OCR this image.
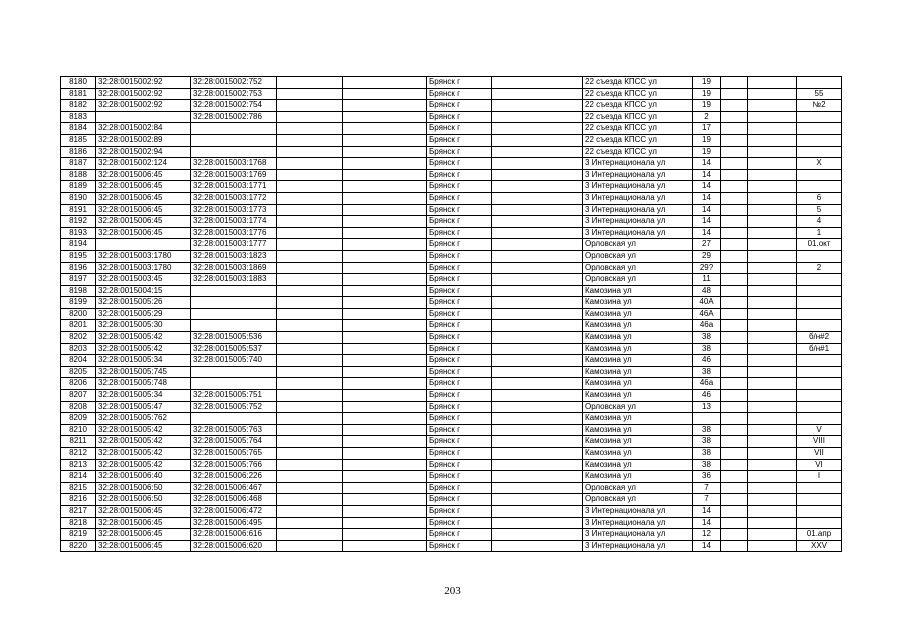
8180	32:28:0015002:92	32:28:0015002:752			Брянск г		22 съезда КПСС ул	19			
8181	32:28:0015002:92	32:28:0015002:753			Брянск г		22 съезда КПСС ул	19			55
8182	32:28:0015002:92	32:28:0015002:754			Брянск г		22 съезда КПСС ул	19			№2
8183		32:28:0015002:786			Брянск г		22 съезда КПСС ул	2			
8184	32:28:0015002:84				Брянск г		22 съезда КПСС ул	17			
8185	32:28:0015002:89				Брянск г		22 съезда КПСС ул	19			
8186	32:28:0015002:94				Брянск г		22 съезда КПСС ул	19			
8187	32:28:0015002:124	32:28:0015003:1768			Брянск г		3 Интернационала ул	14			X
8188	32:28:0015006:45	32:28:0015003:1769			Брянск г		3 Интернационала ул	14			
8189	32:28:0015006:45	32:28:0015003:1771			Брянск г		3 Интернационала ул	14			
8190	32:28:0015006:45	32:28:0015003:1772			Брянск г		3 Интернационала ул	14			6
8191	32:28:0015006:45	32:28:0015003:1773			Брянск г		3 Интернационала ул	14			5
8192	32:28:0015006:45	32:28:0015003:1774			Брянск г		3 Интернационала ул	14			4
8193	32:28:0015006:45	32:28:0015003:1776			Брянск г		3 Интернационала ул	14			1
8194		32:28:0015003:1777			Брянск г		Орловская ул	27			01.окт
8195	32:28:0015003:1780	32:28:0015003:1823			Брянск г		Орловская ул	29			
8196	32:28:0015003:1780	32:28:0015003:1869			Брянск г		Орловская ул	29?			2
8197	32:28:0015003:45	32:28:0015003:1883			Брянск г		Орловская ул	11			
8198	32:28:0015004:15				Брянск г		Камозина ул	48			
8199	32:28:0015005:26				Брянск г		Камозина ул	40А			
8200	32:28:0015005:29				Брянск г		Камозина ул	46А			
8201	32:28:0015005:30				Брянск г		Камозина ул	46а			
8202	32:28:0015005:42	32:28:0015005:536			Брянск г		Камозина ул	38			б/н#2
8203	32:28:0015005:42	32:28:0015005:537			Брянск г		Камозина ул	38			б/н#1
8204	32:28:0015005:34	32:28:0015005:740			Брянск г		Камозина ул	46			
8205	32:28:0015005:745				Брянск г		Камозина ул	38			
8206	32:28:0015005:748				Брянск г		Камозина ул	46а			
8207	32:28:0015005:34	32:28:0015005:751			Брянск г		Камозина ул	46			
8208	32:28:0015005:47	32:28:0015005:752			Брянск г		Орловская ул	13			
8209	32:28:0015005:762				Брянск г		Камозина ул				
8210	32:28:0015005:42	32:28:0015005:763			Брянск г		Камозина ул	38			V
8211	32:28:0015005:42	32:28:0015005:764			Брянск г		Камозина ул	38			VIII
8212	32:28:0015005:42	32:28:0015005:765			Брянск г		Камозина ул	38			VII
8213	32:28:0015005:42	32:28:0015005:766			Брянск г		Камозина ул	38			VI
8214	32:28:0015006:40	32:28:0015006:226			Брянск г		Камозина ул	36			I
8215	32:28:0015006:50	32:28:0015006:467			Брянск г		Орловская ул	7			
8216	32:28:0015006:50	32:28:0015006:468			Брянск г		Орловская ул	7			
8217	32:28:0015006:45	32:28:0015006:472			Брянск г		3 Интернационала ул	14			
8218	32:28:0015006:45	32:28:0015006:495			Брянск г		3 Интернационала ул	14			
8219	32:28:0015006:45	32:28:0015006:616			Брянск г		3 Интернационала ул	12			01.апр
8220	32:28:0015006:45	32:28:0015006:620			Брянск г		3 Интернационала ул	14			XXV
203
